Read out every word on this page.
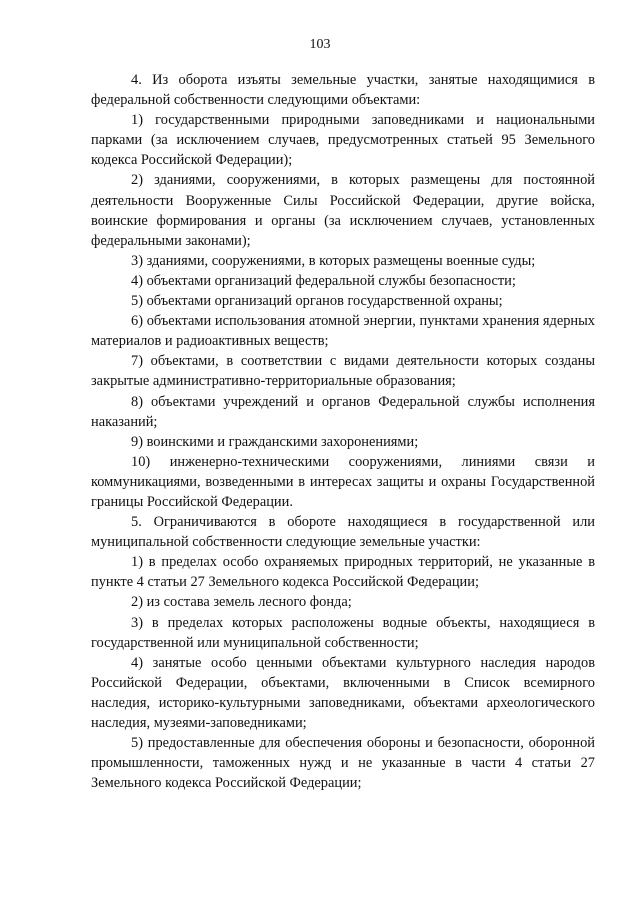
103

4. Из оборота изъяты земельные участки, занятые находящимися в федеральной собственности следующими объектами:

1) государственными природными заповедниками и национальными парками (за исключением случаев, предусмотренных статьей 95 Земельного кодекса Российской Федерации);

2) зданиями, сооружениями, в которых размещены для постоянной деятельности Вооруженные Силы Российской Федерации, другие войска, воинские формирования и органы (за исключением случаев, установленных федеральными законами);

3) зданиями, сооружениями, в которых размещены военные суды;

4) объектами организаций федеральной службы безопасности;

5) объектами организаций органов государственной охраны;

6) объектами использования атомной энергии, пунктами хранения ядерных материалов и радиоактивных веществ;

7) объектами, в соответствии с видами деятельности которых созданы закрытые административно-территориальные образования;

8) объектами учреждений и органов Федеральной службы исполнения наказаний;

9) воинскими и гражданскими захоронениями;

10) инженерно-техническими сооружениями, линиями связи и коммуникациями, возведенными в интересах защиты и охраны Государственной границы Российской Федерации.

5. Ограничиваются в обороте находящиеся в государственной или муниципальной собственности следующие земельные участки:

1) в пределах особо охраняемых природных территорий, не указанные в пункте 4 статьи 27 Земельного кодекса Российской Федерации;

2) из состава земель лесного фонда;

3) в пределах которых расположены водные объекты, находящиеся в государственной или муниципальной собственности;

4) занятые особо ценными объектами культурного наследия народов Российской Федерации, объектами, включенными в Список всемирного наследия, историко-культурными заповедниками, объектами археологического наследия, музеями-заповедниками;

5) предоставленные для обеспечения обороны и безопасности, оборонной промышленности, таможенных нужд и не указанные в части 4 статьи 27 Земельного кодекса Российской Федерации;
